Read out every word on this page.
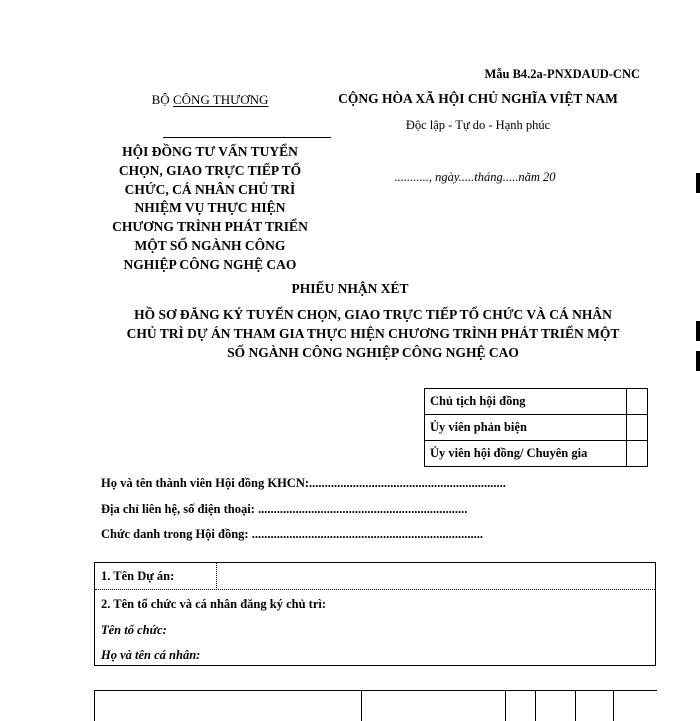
Mẫu B4.2a-PNXDAUD-CNC
BỘ CÔNG THƯƠNG	CỘNG HÒA XÃ HỘI CHỦ NGHĨA VIỆT NAM
Độc lập - Tự do - Hạnh phúc
HỘI ĐỒNG TƯ VẤN TUYỂN
CHỌN, GIAO TRỰC TIẾP TỔ
CHỨC, CÁ NHÂN CHỦ TRÌ
NHIỆM VỤ THỰC HIỆN
CHƯƠNG TRÌNH PHÁT TRIỂN
MỘT SỐ NGÀNH CÔNG
NGHIỆP CÔNG NGHỆ CAO
..........., ngày.....tháng.....năm 20
PHIẾU NHẬN XÉT
HỒ SƠ ĐĂNG KÝ TUYỂN CHỌN, GIAO TRỰC TIẾP TỔ CHỨC VÀ CÁ NHÂN
CHỦ TRÌ DỰ ÁN THAM GIA THỰC HIỆN CHƯƠNG TRÌNH PHÁT TRIỂN MỘT
SỐ NGÀNH CÔNG NGHIỆP CÔNG NGHỆ CAO
Chủ tịch hội đồng	
Ủy viên phản biện	
Ủy viên hội đồng/ Chuyên gia	
Họ và tên thành viên Hội đồng KHCN:...............................................................
Địa chỉ liên hệ, số điện thoại: ...................................................................
Chức danh trong Hội đồng: ..........................................................................
1. Tên Dự án:
2. Tên tổ chức và cá nhân đăng ký chủ trì:
Tên tổ chức:
Họ và tên cá nhân:
